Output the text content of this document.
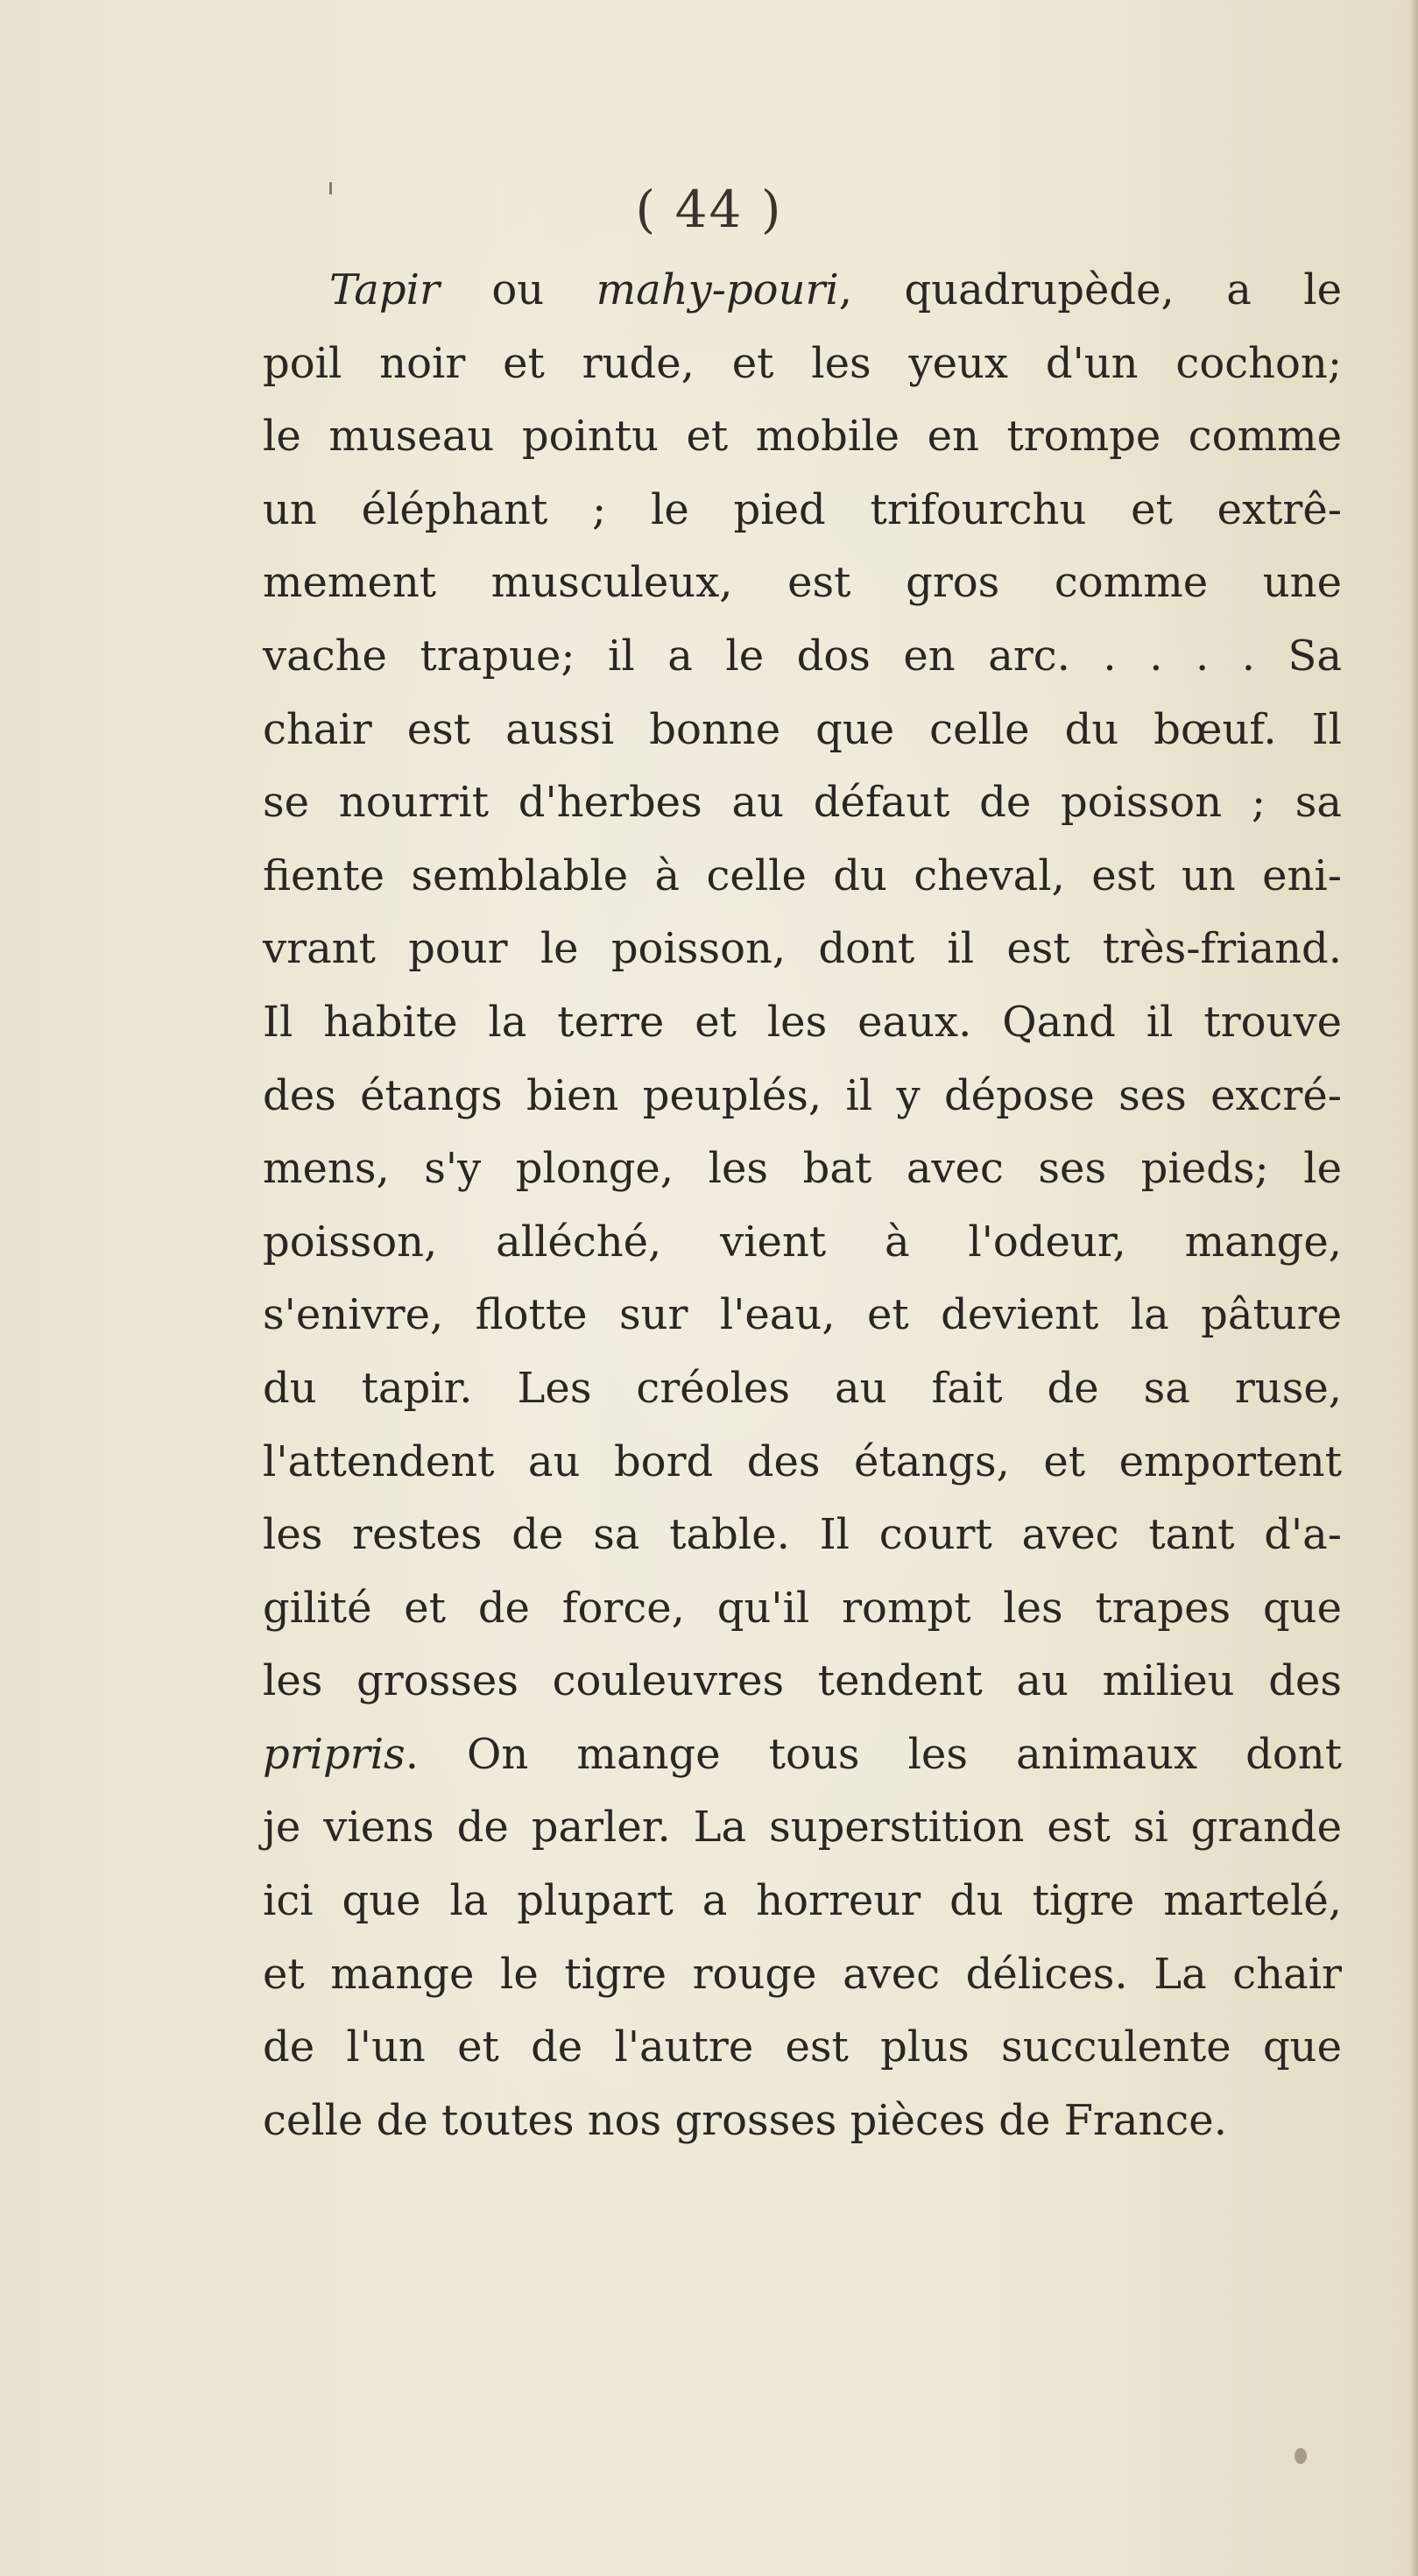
( 44 )
Tapir ou mahy-pouri, quadrupède, a le
poil noir et rude, et les yeux d'un cochon;
le museau pointu et mobile en trompe comme
un éléphant ; le pied trifourchu et extrê-
mement musculeux, est gros comme une
vache trapue; il a le dos en arc. . . . . Sa
chair est aussi bonne que celle du bœuf. Il
se nourrit d'herbes au défaut de poisson ; sa
fiente semblable à celle du cheval, est un eni-
vrant pour le poisson, dont il est très-friand.
Il habite la terre et les eaux. Qand il trouve
des étangs bien peuplés, il y dépose ses excré-
mens, s'y plonge, les bat avec ses pieds; le
poisson, alléché, vient à l'odeur, mange,
s'enivre, flotte sur l'eau, et devient la pâture
du tapir. Les créoles au fait de sa ruse,
l'attendent au bord des étangs, et emportent
les restes de sa table. Il court avec tant d'a-
gilité et de force, qu'il rompt les trapes que
les grosses couleuvres tendent au milieu des
pripris. On mange tous les animaux dont
je viens de parler. La superstition est si grande
ici que la plupart a horreur du tigre martelé,
et mange le tigre rouge avec délices. La chair
de l'un et de l'autre est plus succulente que
celle de toutes nos grosses pièces de France.
